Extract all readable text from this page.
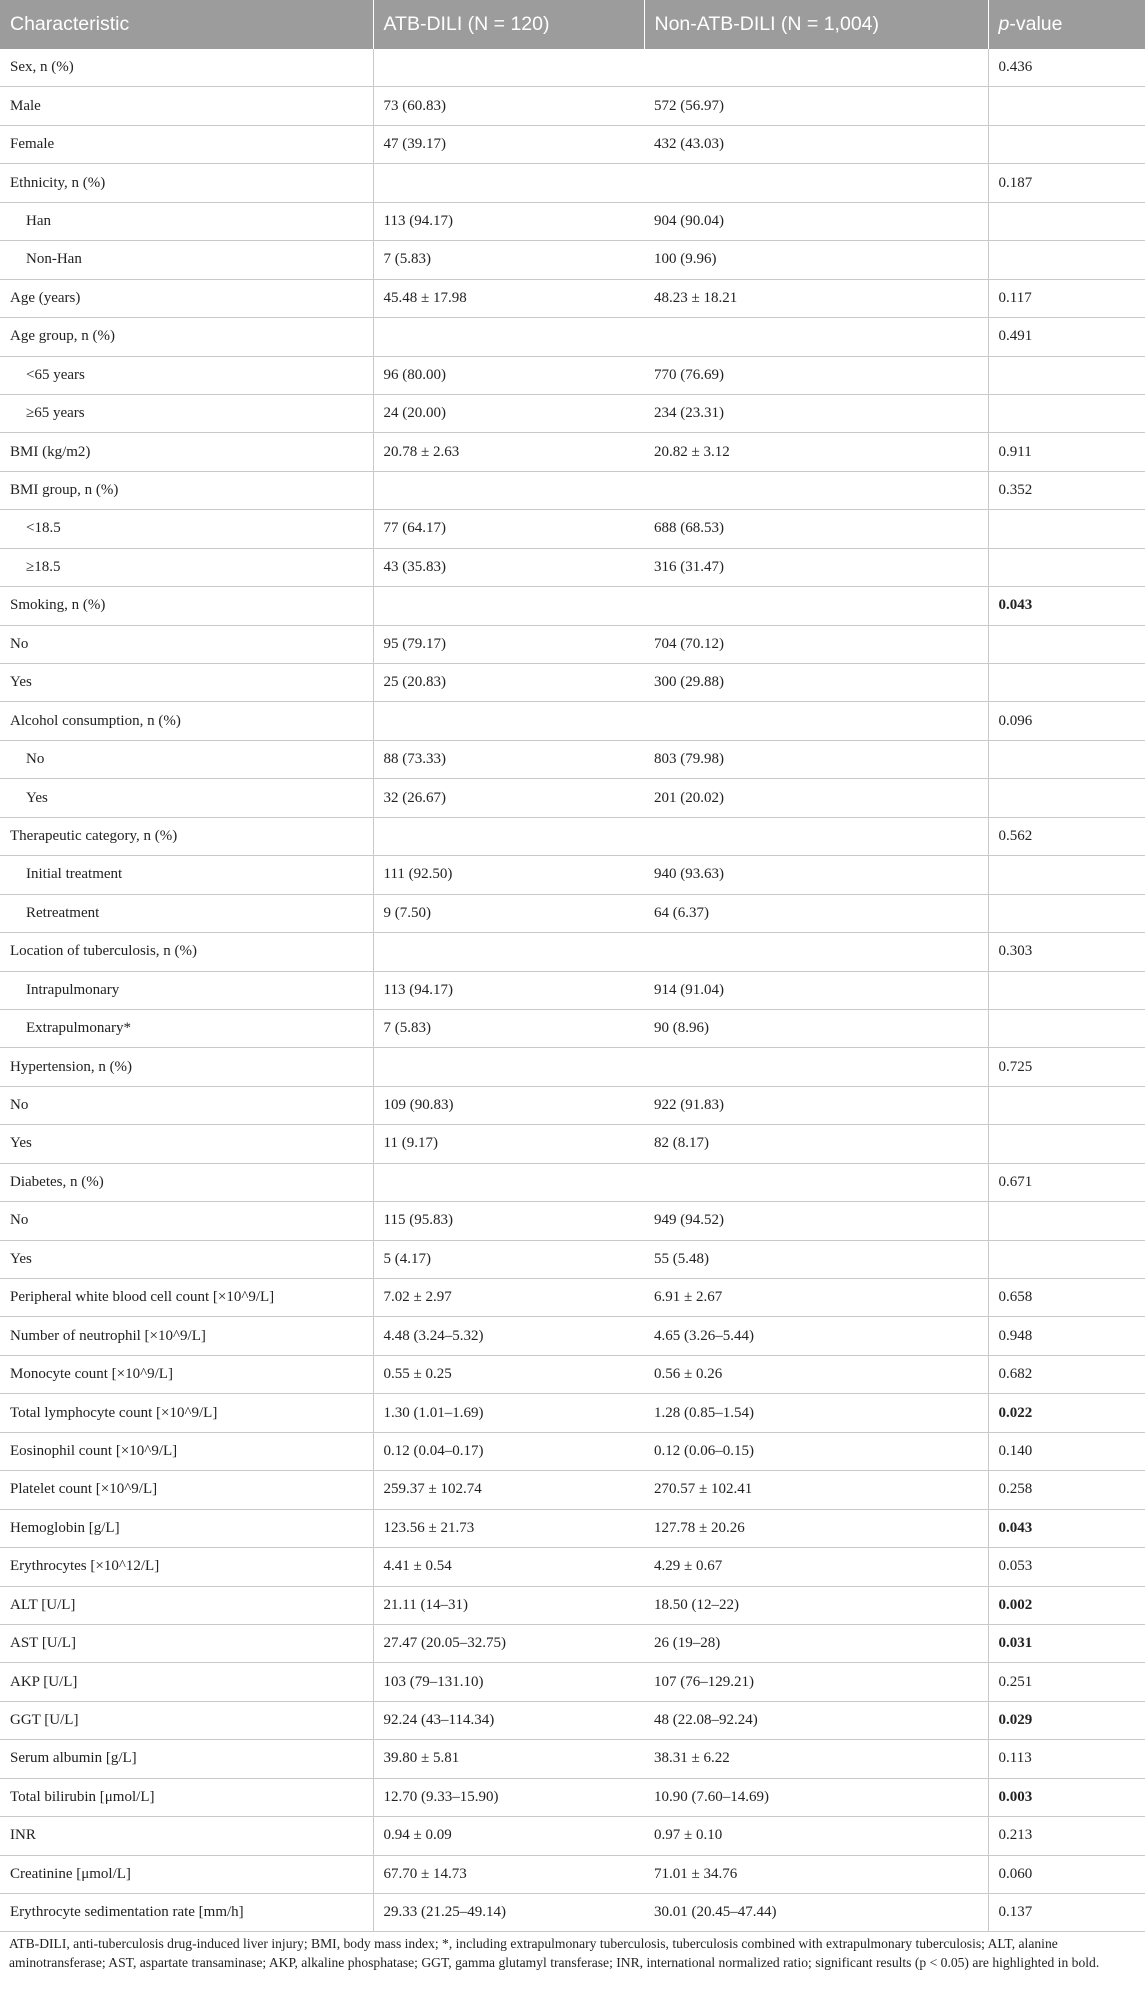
Characteristic	ATB-DILI (N = 120)	Non-ATB-DILI (N = 1,004)	p-value
Sex, n (%)			0.436
Male	73 (60.83)	572 (56.97)	
Female	47 (39.17)	432 (43.03)	
Ethnicity, n (%)			0.187
Han	113 (94.17)	904 (90.04)	
Non-Han	7 (5.83)	100 (9.96)	
Age (years)	45.48 ± 17.98	48.23 ± 18.21	0.117
Age group, n (%)			0.491
<65 years	96 (80.00)	770 (76.69)	
≥65 years	24 (20.00)	234 (23.31)	
BMI (kg/m2)	20.78 ± 2.63	20.82 ± 3.12	0.911
BMI group, n (%)			0.352
<18.5	77 (64.17)	688 (68.53)	
≥18.5	43 (35.83)	316 (31.47)	
Smoking, n (%)			0.043
No	95 (79.17)	704 (70.12)	
Yes	25 (20.83)	300 (29.88)	
Alcohol consumption, n (%)			0.096
No	88 (73.33)	803 (79.98)	
Yes	32 (26.67)	201 (20.02)	
Therapeutic category, n (%)			0.562
Initial treatment	111 (92.50)	940 (93.63)	
Retreatment	9 (7.50)	64 (6.37)	
Location of tuberculosis, n (%)			0.303
Intrapulmonary	113 (94.17)	914 (91.04)	
Extrapulmonary*	7 (5.83)	90 (8.96)	
Hypertension, n (%)			0.725
No	109 (90.83)	922 (91.83)	
Yes	11 (9.17)	82 (8.17)	
Diabetes, n (%)			0.671
No	115 (95.83)	949 (94.52)	
Yes	5 (4.17)	55 (5.48)	
Peripheral white blood cell count [×10^9/L]	7.02 ± 2.97	6.91 ± 2.67	0.658
Number of neutrophil [×10^9/L]	4.48 (3.24–5.32)	4.65 (3.26–5.44)	0.948
Monocyte count [×10^9/L]	0.55 ± 0.25	0.56 ± 0.26	0.682
Total lymphocyte count [×10^9/L]	1.30 (1.01–1.69)	1.28 (0.85–1.54)	0.022
Eosinophil count [×10^9/L]	0.12 (0.04–0.17)	0.12 (0.06–0.15)	0.140
Platelet count [×10^9/L]	259.37 ± 102.74	270.57 ± 102.41	0.258
Hemoglobin [g/L]	123.56 ± 21.73	127.78 ± 20.26	0.043
Erythrocytes [×10^12/L]	4.41 ± 0.54	4.29 ± 0.67	0.053
ALT [U/L]	21.11 (14–31)	18.50 (12–22)	0.002
AST [U/L]	27.47 (20.05–32.75)	26 (19–28)	0.031
AKP [U/L]	103 (79–131.10)	107 (76–129.21)	0.251
GGT [U/L]	92.24 (43–114.34)	48 (22.08–92.24)	0.029
Serum albumin [g/L]	39.80 ± 5.81	38.31 ± 6.22	0.113
Total bilirubin [μmol/L]	12.70 (9.33–15.90)	10.90 (7.60–14.69)	0.003
INR	0.94 ± 0.09	0.97 ± 0.10	0.213
Creatinine [μmol/L]	67.70 ± 14.73	71.01 ± 34.76	0.060
Erythrocyte sedimentation rate [mm/h]	29.33 (21.25–49.14)	30.01 (20.45–47.44)	0.137
ATB-DILI, anti-tuberculosis drug-induced liver injury; BMI, body mass index; *, including extrapulmonary tuberculosis, tuberculosis combined with extrapulmonary tuberculosis; ALT, alanine aminotransferase; AST, aspartate transaminase; AKP, alkaline phosphatase; GGT, gamma glutamyl transferase; INR, international normalized ratio; significant results (p < 0.05) are highlighted in bold.
